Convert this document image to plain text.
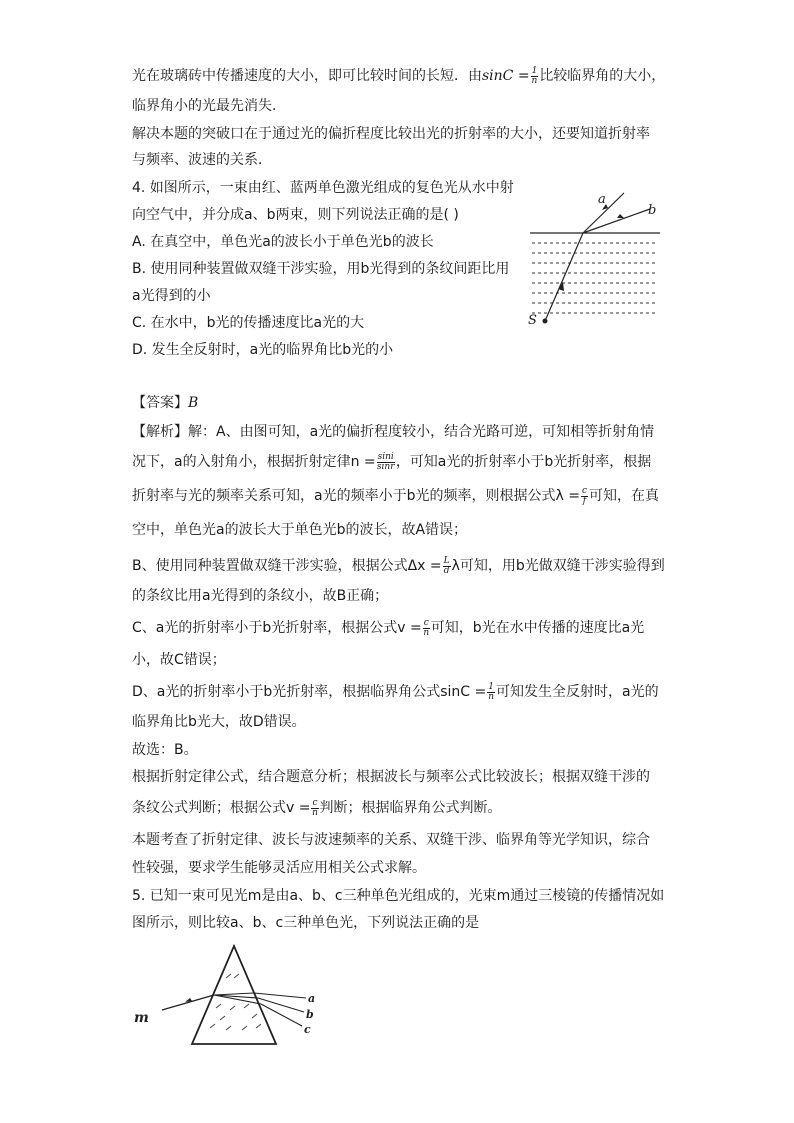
光在玻璃砖中传播速度的大小，即可比较时间的长短．由$\sin C = \frac{1}{n}$ 比较临界角的大小，
临界角小的光最先消失．
解决本题的突破口在于通过光的偏折程度比较出光的折射率的大小，还要知道折射率
与频率、波速的关系．
4. 如图所示，一束由红、蓝两单色激光组成的复色光从水中射
向空气中，并分成a、b两束，则下列说法正确的是( )
A. 在真空中，单色光a的波长小于单色光b的波长
B. 使用同种装置做双缝干涉实验，用b光得到的条纹间距比用
a光得到的小
C. 在水中，b光的传播速度比a光的大
D. 发生全反射时，a光的临界角比b光的小
a
b
S
【答案】B
【解析】解：A、由图可知，a光的偏折程度较小，结合光路可逆，可知相等折射角情
况下，a的入射角小，根据折射定律$n = \frac{\sin i}{\sin r}$ ，可知a光的折射率小于b光折射率，根据
折射率与光的频率关系可知，a光的频率小于b光的频率，则根据公式$\lambda = \frac{c}{f}$ 可知，在真
空中，单色光a的波长大于单色光b的波长，故A错误；
B、使用同种装置做双缝干涉实验，根据公式$\Delta x = \frac{L}{d}$ λ可知，用b光做双缝干涉实验得到
的条纹比用a光得到的条纹小，故B正确；
C、a光的折射率小于b光折射率，根据公式$v = \frac{c}{n}$ 可知，b光在水中传播的速度比a光
小，故C错误；
D、a光的折射率小于b光折射率，根据临界角公式$\sin C = \frac{1}{n}$ 可知发生全反射时，a光的
临界角比b光大，故D错误。
故选：B。
根据折射定律公式，结合题意分析；根据波长与频率公式比较波长；根据双缝干涉的
条纹公式判断；根据公式$v = \frac{c}{n}$ 判断；根据临界角公式判断。
本题考查了折射定律、波长与波速频率的关系、双缝干涉、临界角等光学知识，综合
性较强，要求学生能够灵活应用相关公式求解。
5. 已知一束可见光m是由a、b、c三种单色光组成的，光束m通过三棱镜的传播情况如
图所示，则比较a、b、c三种单色光，下列说法正确的是
m
a
b
c
